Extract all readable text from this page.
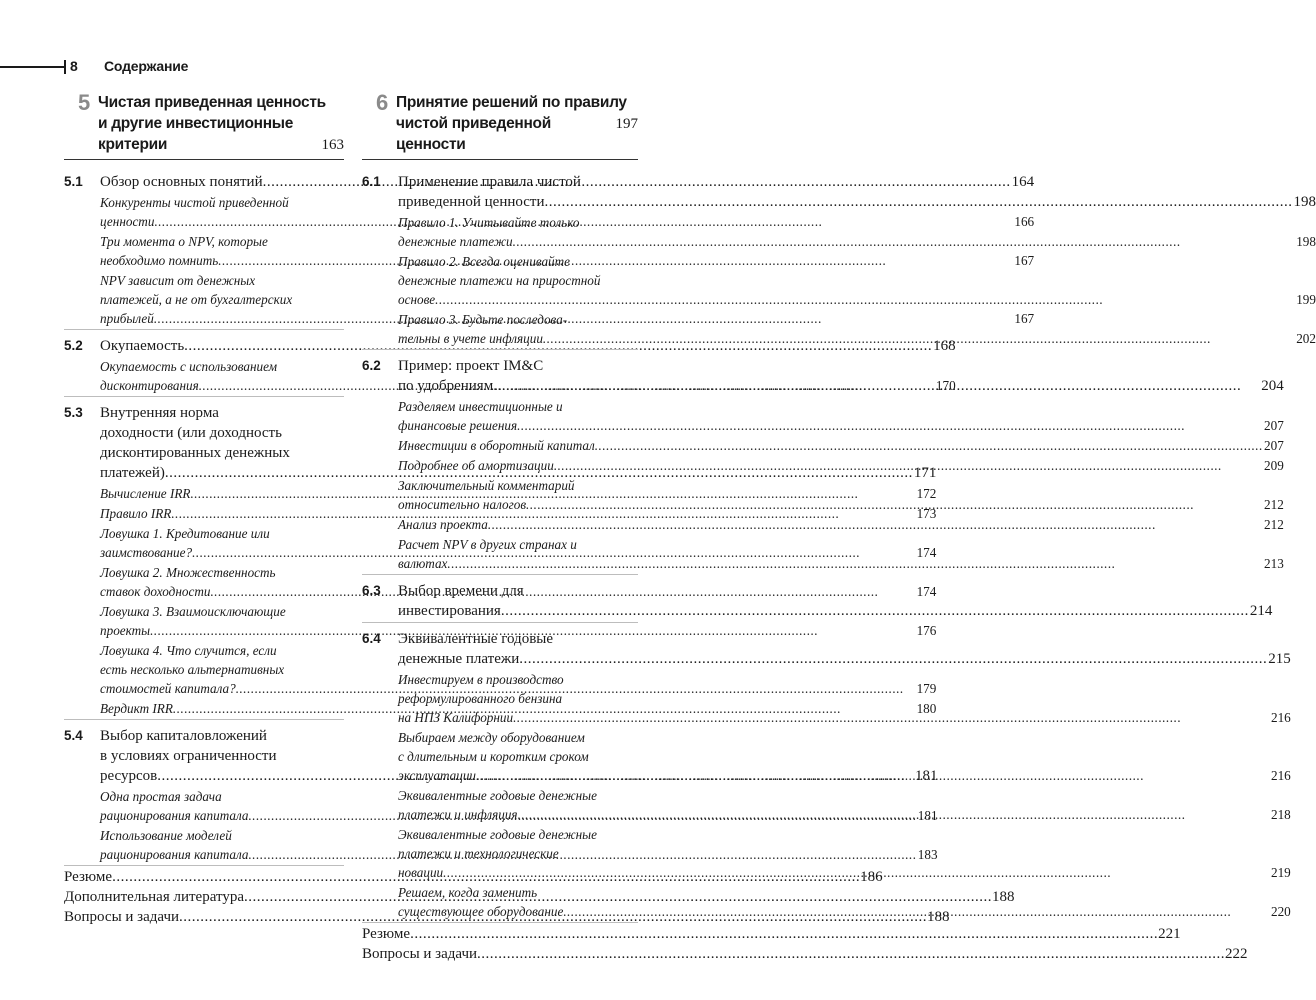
8 Содержание
5 Чистая приведенная ценность
и другие инвестиционные
критерии	163
5.1	Обзор основных понятий .....	164
Конкуренты чистой приведенной
ценности .....	166
Три момента о NPV, которые
необходимо помнить .....	167
NPV зависит от денежных
платежей, а не от бухгалтерских
прибылей .....	167
5.2	Окупаемость .....	168
Окупаемость с использованием
дисконтирования .....	170
5.3	Внутренняя норма
доходности (или доходность
дисконтированных денежных
платежей) .....	171
Вычисление IRR .....	172
Правило IRR .....	173
Ловушка 1. Кредитование или
заимствование? .....	174
Ловушка 2. Множественность
ставок доходности .....	174
Ловушка 3. Взаимоисключающие
проекты .....	176
Ловушка 4. Что случится, если
есть несколько альтернативных
стоимостей капитала? .....	179
Вердикт IRR .....	180
5.4	Выбор капиталовложений
в условиях ограниченности
ресурсов .....	181
Одна простая задача
рационирования капитала .....	181
Использование моделей
рационирования капитала .....	183
Резюме .....	186
Дополнительная литература .....	188
Вопросы и задачи .....	188
6 Принятие решений по правилу
чистой приведенной ценности
197
6.1	Применение правила чистой
приведенной ценности .....	198
Правило 1. Учитывайте только
денежные платежи .....	198
Правило 2. Всегда оценивайте
денежные платежи на приростной
основе .....	199
Правило 3. Будьте последова-
тельны в учете инфляции .....	202
6.2	Пример: проект IM&C
по удобрениям .....	204
Разделяем инвестиционные и
финансовые решения .....	207
Инвестиции в оборотный капитал .....	207
Подробнее об амортизации .....	209
Заключительный комментарий
относительно налогов .....	212
Анализ проекта .....	212
Расчет NPV в других странах и
валютах .....	213
6.3	Выбор времени для
инвестирования .....	214
6.4	Эквивалентные годовые
денежные платежи .....	215
Инвестируем в производство
реформулированного бензина
на НПЗ Калифорнии .....	216
Выбираем между оборудованием
с длительным и коротким сроком
эксплуатации .....	216
Эквивалентные годовые денежные
платежи и инфляция .....	218
Эквивалентные годовые денежные
платежи и технологические
новации .....	219
Решаем, когда заменить
существующее оборудование .....	220
Резюме .....	221
Вопросы и задачи .....	222
